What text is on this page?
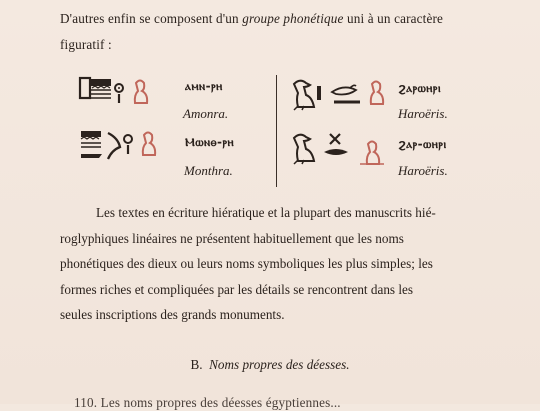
D'autres enfin se composent d'un groupe phonétique uni à un caractère
figuratif :
ⲁⲙⲛ-ⲣⲏ
Amonra.
Ⲙⲱⲛⲑ-ⲣⲏ
Monthra.
ϩⲁⲣⲱⲏⲣⲓ
Haroëris.
ϩⲁⲣ-ⲱⲏⲣⲓ
Haroëris.
Les textes en écriture hiératique et la plupart des manuscrits hié-
roglyphiques linéaires ne présentent habituellement que les noms
phonétiques des dieux ou leurs noms symboliques les plus simples; les
formes riches et compliquées par les détails se rencontrent dans les
seules inscriptions des grands monuments.
B. Noms propres des déesses.
110. Les noms propres des déesses égyptiennes...
